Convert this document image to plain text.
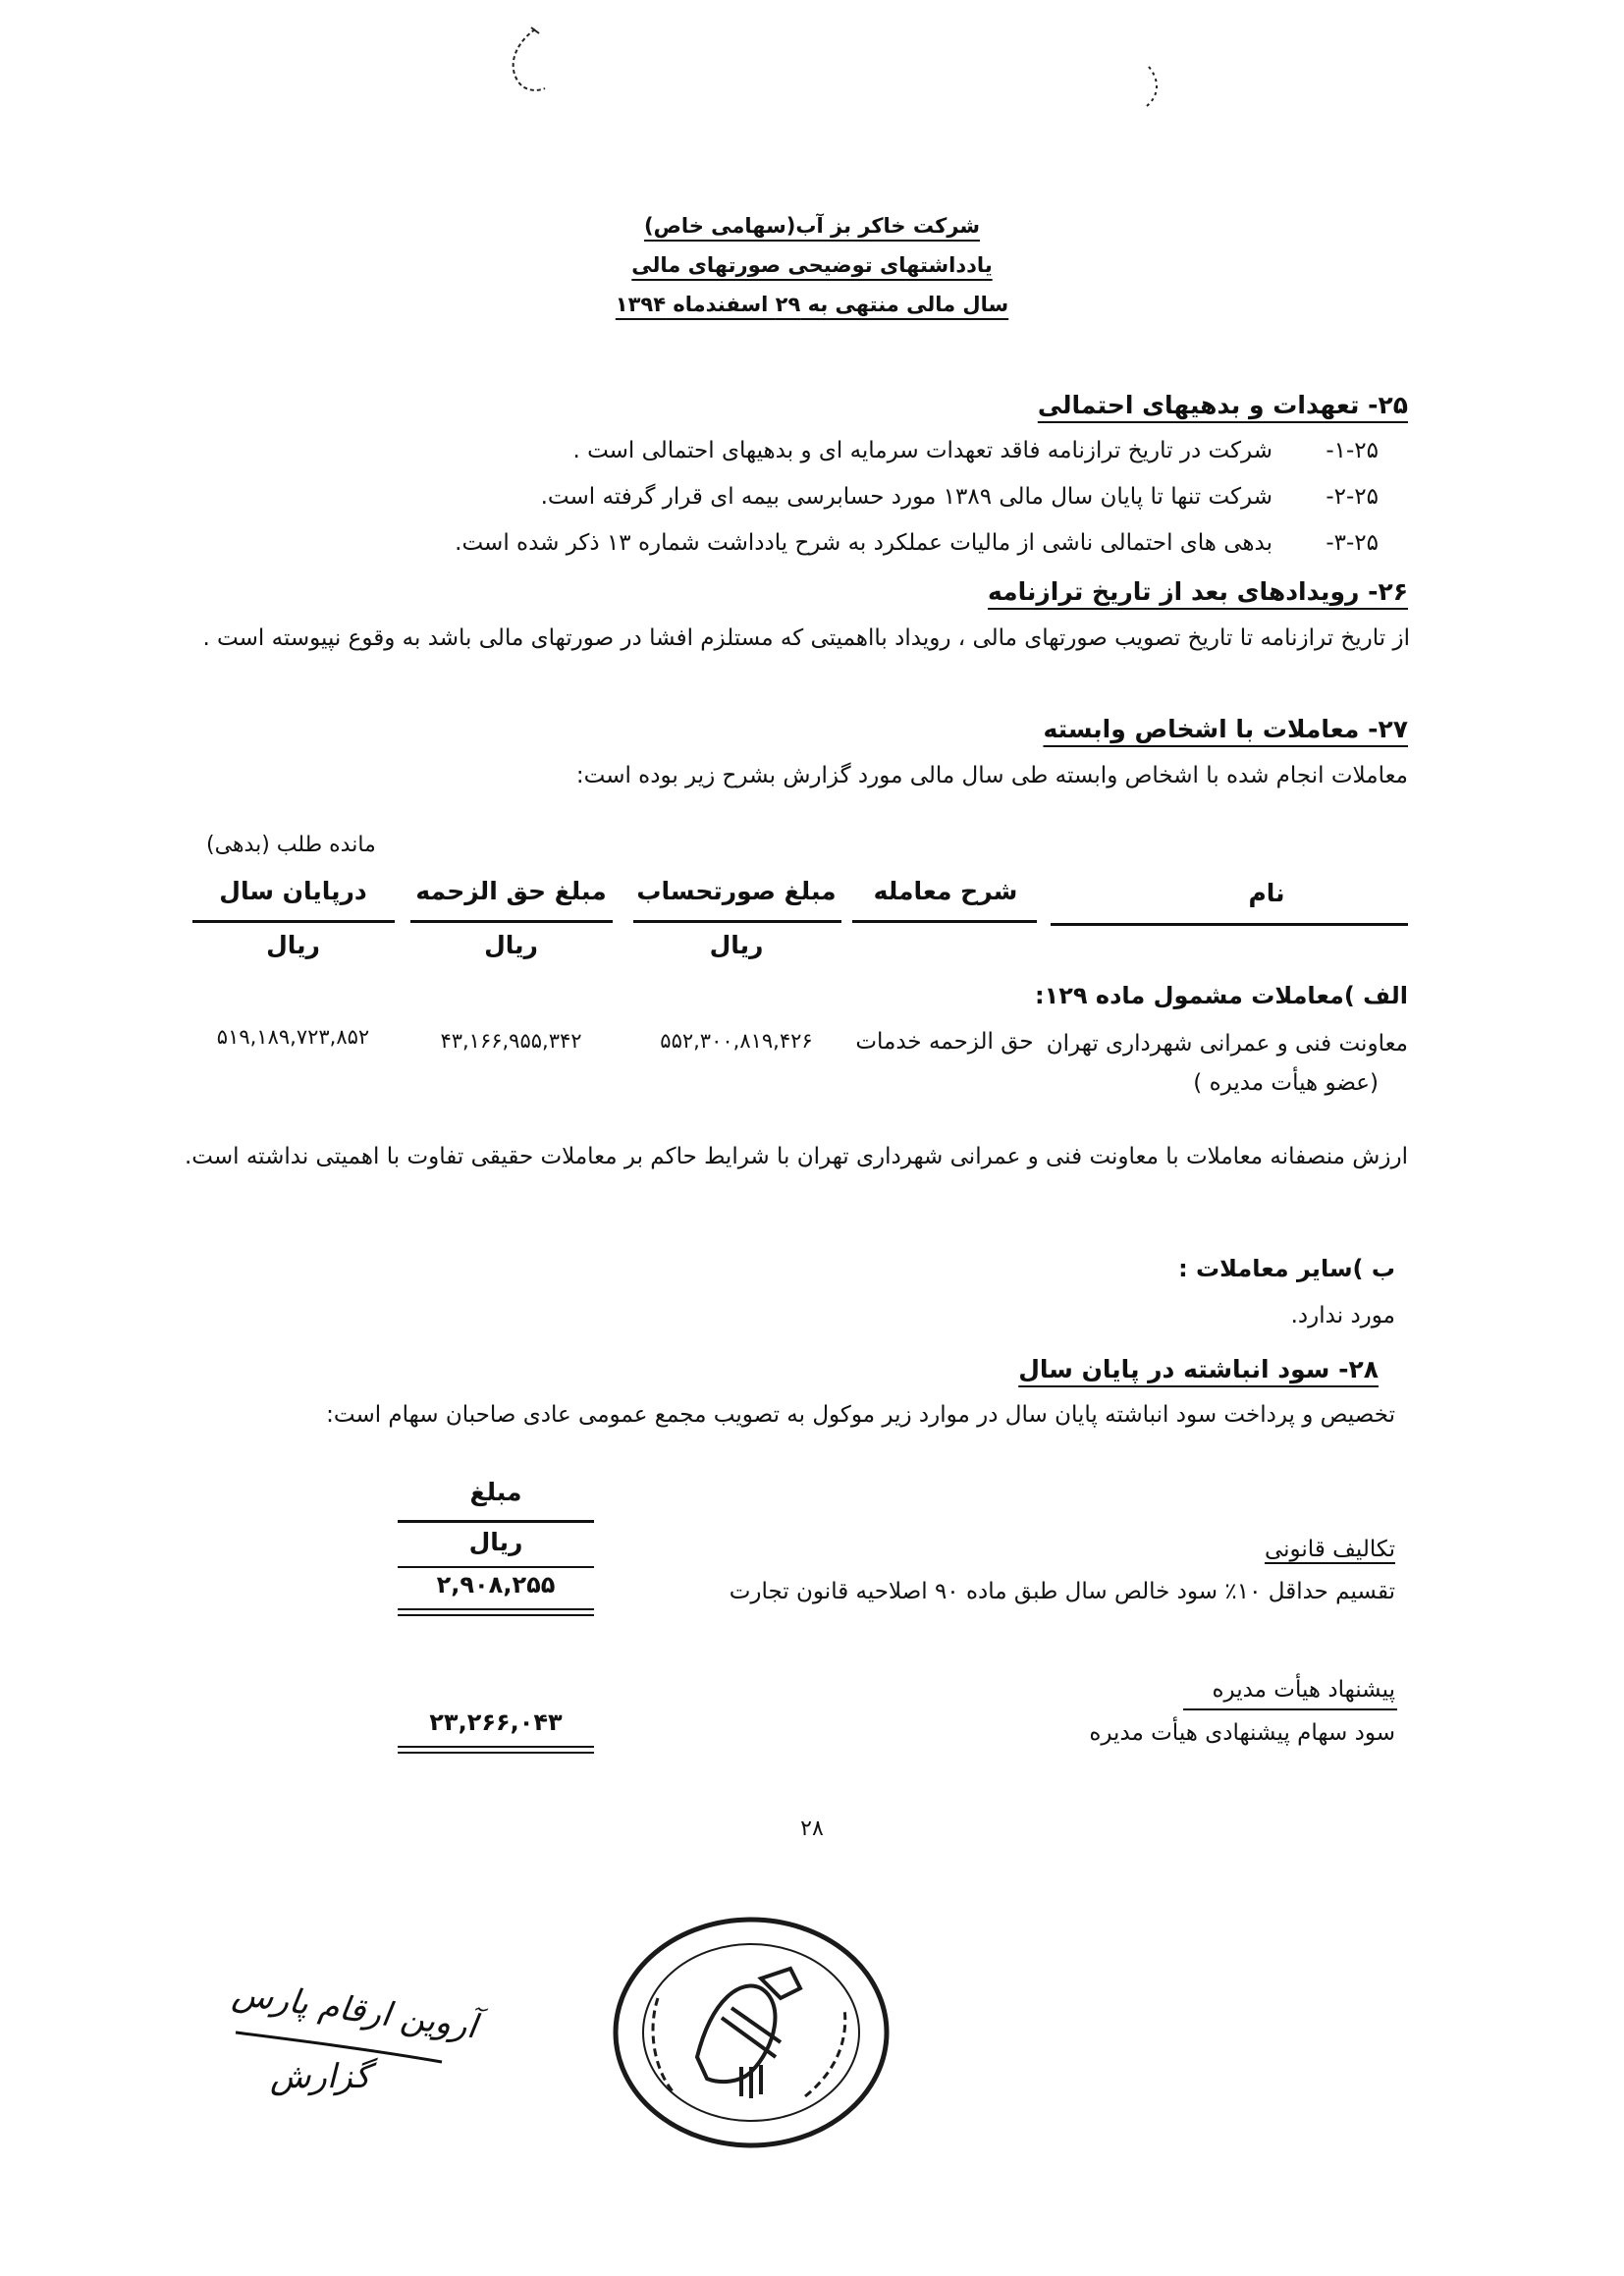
شرکت خاکر بز آب(سهامی خاص)
یادداشتهای توضیحی صورتهای مالی
سال مالی منتهی به ۲۹ اسفندماه ۱۳۹۴
۲۵- تعهدات و بدهیهای احتمالی
۱-۲۵-
شرکت در تاریخ ترازنامه فاقد تعهدات سرمایه ای و بدهیهای احتمالی است .
۲-۲۵-
شرکت تنها تا پایان سال مالی ۱۳۸۹ مورد حسابرسی بیمه ای قرار گرفته است.
۳-۲۵-
بدهی های احتمالی ناشی از مالیات عملکرد به شرح یادداشت شماره ۱۳ ذکر شده است.
۲۶- رویدادهای بعد از تاریخ ترازنامه
از تاریخ ترازنامه تا تاریخ تصویب صورتهای مالی ، رویداد بااهمیتی که مستلزم افشا در صورتهای مالی باشد به وقوع نپیوسته است .
۲۷- معاملات با اشخاص وابسته
معاملات انجام شده با اشخاص وابسته طی سال مالی مورد گزارش بشرح زیر بوده است:
مانده طلب (بدهی)
نام
شرح معامله
مبلغ صورتحساب
مبلغ حق الزحمه
درپایان سال
ریال
ریال
ریال
الف )معاملات مشمول ماده ۱۲۹:
معاونت فنی و عمرانی شهرداری تهران
(عضو هیأت مدیره )
حق الزحمه خدمات
۵۵۲,۳۰۰,۸۱۹,۴۲۶
۴۳,۱۶۶,۹۵۵,۳۴۲
۵۱۹,۱۸۹,۷۲۳,۸۵۲
ارزش منصفانه معاملات با معاونت فنی و عمرانی شهرداری تهران با شرایط حاکم بر معاملات حقیقی تفاوت با اهمیتی نداشته است.
ب )سایر معاملات :
مورد ندارد.
۲۸- سود انباشته در پایان سال
تخصیص و پرداخت سود انباشته پایان سال در موارد زیر موکول به تصویب مجمع عمومی عادی صاحبان سهام است:
مبلغ
ریال
۲,۹۰۸,۲۵۵
تکالیف قانونی
تقسیم حداقل ۱۰٪ سود خالص سال طبق ماده ۹۰ اصلاحیه قانون تجارت
پیشنهاد هیأت مدیره
سود سهام پیشنهادی هیأت مدیره
۲۳,۲۶۶,۰۴۳
۲۸
آروین ارقام پارس
گزارش
